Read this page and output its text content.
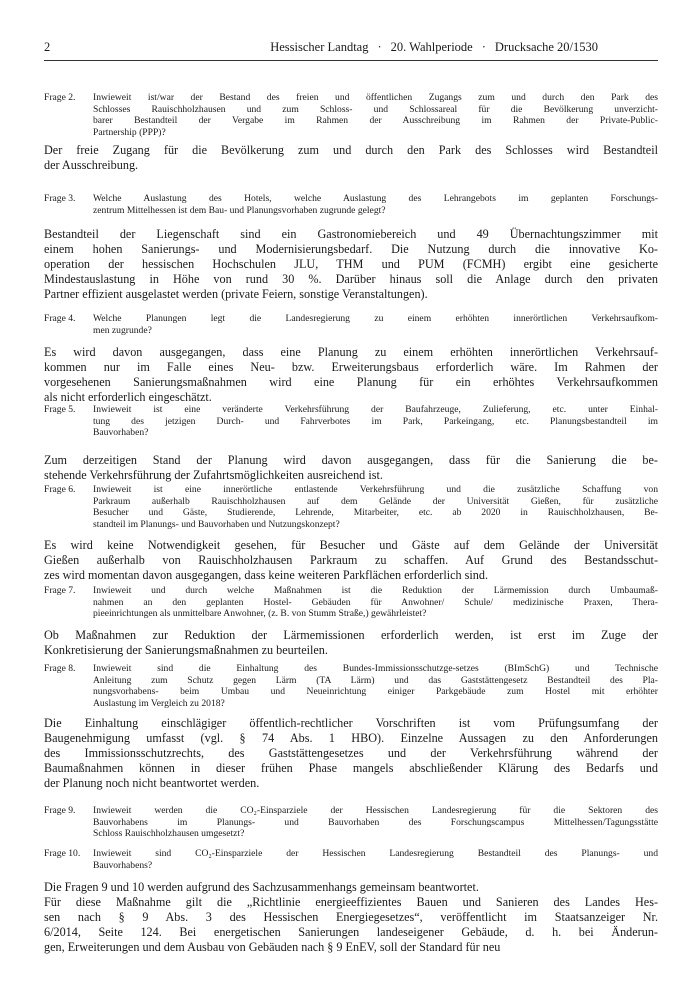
2	Hessischer Landtag · 20. Wahlperiode · Drucksache 20/1530
Frage 2.	Inwieweit ist/war der Bestand des freien und öffentlichen Zugangs zum und durch den Park des
Schlosses Rauischholzhausen und zum Schloss- und Schlossareal für die Bevölkerung unverzicht-
barer Bestandteil der Vergabe im Rahmen der Ausschreibung im Rahmen der Private-Public-
Partnership (PPP)?
Der freie Zugang für die Bevölkerung zum und durch den Park des Schlosses wird Bestandteil
der Ausschreibung.
Frage 3.	Welche Auslastung des Hotels, welche Auslastung des Lehrangebots im geplanten Forschungs-
zentrum Mittelhessen ist dem Bau- und Planungsvorhaben zugrunde gelegt?
Bestandteil der Liegenschaft sind ein Gastronomiebereich und 49 Übernachtungszimmer mit
einem hohen Sanierungs- und Modernisierungsbedarf. Die Nutzung durch die innovative Ko-
operation der hessischen Hochschulen JLU, THM und PUM (FCMH) ergibt eine gesicherte
Mindestauslastung in Höhe von rund 30 %. Darüber hinaus soll die Anlage durch den privaten
Partner effizient ausgelastet werden (private Feiern, sonstige Veranstaltungen).
Frage 4.	Welche Planungen legt die Landesregierung zu einem erhöhten innerörtlichen Verkehrsaufkom-
men zugrunde?
Es wird davon ausgegangen, dass eine Planung zu einem erhöhten innerörtlichen Verkehrsauf-
kommen nur im Falle eines Neu- bzw. Erweiterungsbaus erforderlich wäre. Im Rahmen der
vorgesehenen Sanierungsmaßnahmen wird eine Planung für ein erhöhtes Verkehrsaufkommen
als nicht erforderlich eingeschätzt.
Frage 5.	Inwieweit ist eine veränderte Verkehrsführung der Baufahrzeuge, Zulieferung, etc. unter Einhal-
tung des jetzigen Durch- und Fahrverbotes im Park, Parkeingang, etc. Planungsbestandteil im
Bauvorhaben?
Zum derzeitigen Stand der Planung wird davon ausgegangen, dass für die Sanierung die be-
stehende Verkehrsführung der Zufahrtsmöglichkeiten ausreichend ist.
Frage 6.	Inwieweit ist eine innerörtliche entlastende Verkehrsführung und die zusätzliche Schaffung von
Parkraum außerhalb Rauischholzhausen auf dem Gelände der Universität Gießen, für zusätzliche
Besucher und Gäste, Studierende, Lehrende, Mitarbeiter, etc. ab 2020 in Rauischholzhausen, Be-
standteil im Planungs- und Bauvorhaben und Nutzungskonzept?
Es wird keine Notwendigkeit gesehen, für Besucher und Gäste auf dem Gelände der Universität
Gießen außerhalb von Rauischholzhausen Parkraum zu schaffen. Auf Grund des Bestandsschut-
zes wird momentan davon ausgegangen, dass keine weiteren Parkflächen erforderlich sind.
Frage 7.	Inwieweit und durch welche Maßnahmen ist die Reduktion der Lärmemission durch Umbaumaß-
nahmen an den geplanten Hostel- Gebäuden für Anwohner/ Schule/ medizinische Praxen, Thera-
pieeinrichtungen als unmittelbare Anwohner, (z. B. von Stumm Straße,) gewährleistet?
Ob Maßnahmen zur Reduktion der Lärmemissionen erforderlich werden, ist erst im Zuge der
Konkretisierung der Sanierungsmaßnahmen zu beurteilen.
Frage 8.	Inwieweit sind die Einhaltung des Bundes-Immissionsschutzge-setzes (BImSchG) und Technische
Anleitung zum Schutz gegen Lärm (TA Lärm) und das Gaststättengesetz Bestandteil des Pla-
nungsvorhabens- beim Umbau und Neueinrichtung einiger Parkgebäude zum Hostel mit erhöhter
Auslastung im Vergleich zu 2018?
Die Einhaltung einschlägiger öffentlich-rechtlicher Vorschriften ist vom Prüfungsumfang der
Baugenehmigung umfasst (vgl. § 74 Abs. 1 HBO). Einzelne Aussagen zu den Anforderungen
des Immissionsschutzrechts, des Gaststättengesetzes und der Verkehrsführung während der
Baumaßnahmen können in dieser frühen Phase mangels abschließender Klärung des Bedarfs und
der Planung noch nicht beantwortet werden.
Frage 9.	Inwieweit werden die CO₂-Einsparziele der Hessischen Landesregierung für die Sektoren des
Bauvorhabens im Planungs- und Bauvorhaben des Forschungscampus Mittelhessen/Tagungsstätte
Schloss Rauischholzhausen umgesetzt?
Frage 10.	Inwieweit sind CO₂-Einsparziele der Hessischen Landesregierung Bestandteil des Planungs- und
Bauvorhabens?
Die Fragen 9 und 10 werden aufgrund des Sachzusammenhangs gemeinsam beantwortet.
Für diese Maßnahme gilt die „Richtlinie energieeffizientes Bauen und Sanieren des Landes Hes-
sen nach § 9 Abs. 3 des Hessischen Energiegesetzes“, veröffentlicht im Staatsanzeiger Nr.
6/2014, Seite 124. Bei energetischen Sanierungen landeseigener Gebäude, d. h. bei Änderun-
gen, Erweiterungen und dem Ausbau von Gebäuden nach § 9 EnEV, soll der Standard für neu
